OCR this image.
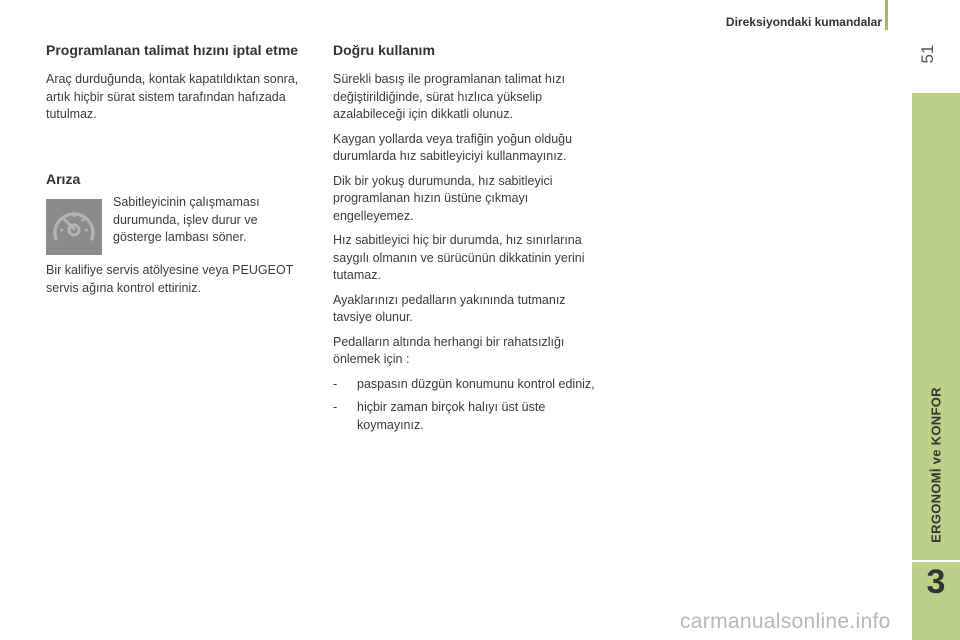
Direksiyondaki kumandalar
51
ERGONOMİ ve KONFOR
3
Programlanan talimat hızını iptal etme

Araç durduğunda, kontak kapatıldıktan sonra, artık hiçbir sürat sistem tarafından hafızada tutulmaz.

Arıza

Sabitleyicinin çalışmaması durumunda, işlev durur ve gösterge lambası söner.

Bir kalifiye servis atölyesine veya PEUGEOT servis ağına kontrol ettiriniz.

Doğru kullanım

Sürekli basış ile programlanan talimat hızı değiştirildiğinde, sürat hızlıca yükselip azalabileceği için dikkatli olunuz.

Kaygan yollarda veya trafiğin yoğun olduğu durumlarda hız sabitleyiciyi kullanmayınız.

Dik bir yokuş durumunda, hız sabitleyici programlanan hızın üstüne çıkmayı engelleyemez.

Hız sabitleyici hiç bir durumda, hız sınırlarına saygılı olmanın ve sürücünün dikkatinin yerini tutamaz.

Ayaklarınızı pedalların yakınında tutmanız tavsiye olunur.

Pedalların altında herhangi bir rahatsızlığı önlemek için :

-	paspasın düzgün konumunu kontrol ediniz,
-	hiçbir zaman birçok halıyı üst üste koymayınız.
carmanualsonline.info
